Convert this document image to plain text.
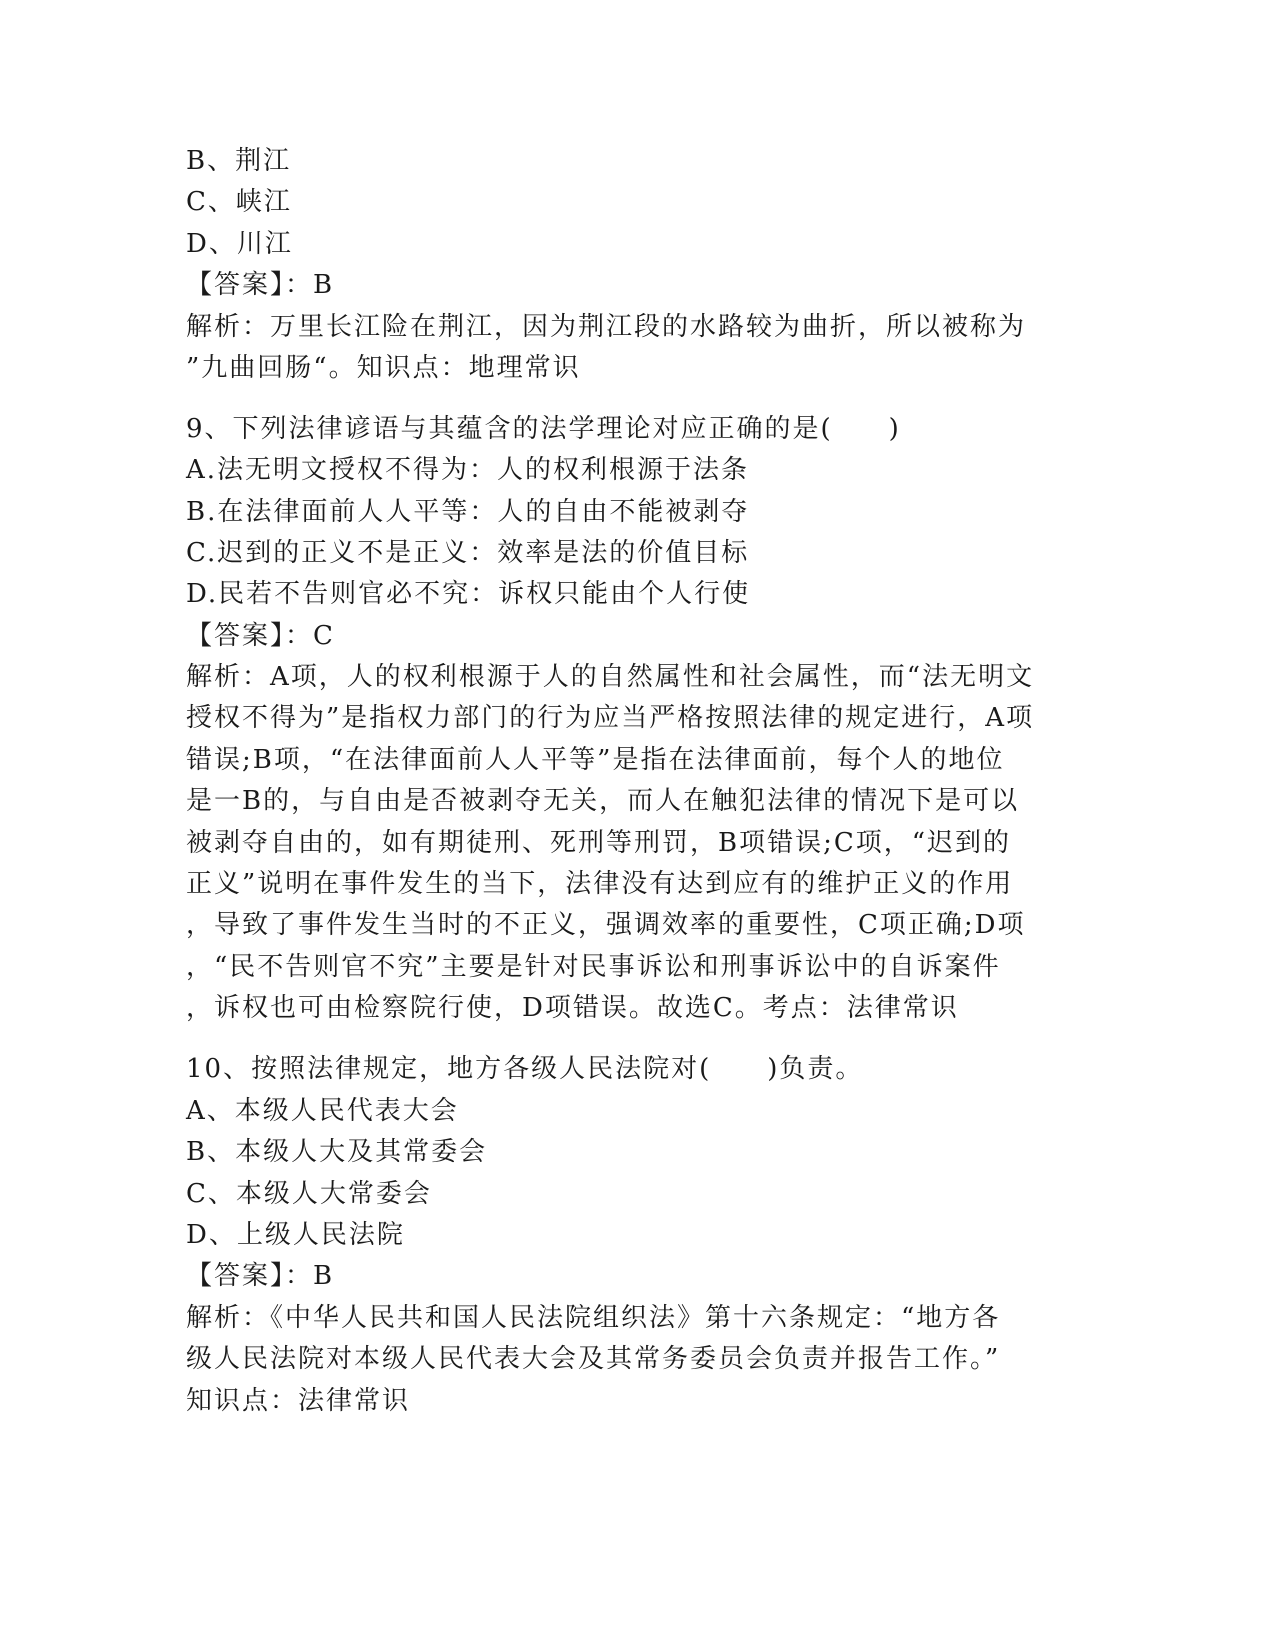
B、荆江
C、峡江
D、川江
【答案】：B
解析：万里长江险在荆江，因为荆江段的水路较为曲折，所以被称为
”九曲回肠“。知识点：地理常识
9、下列法律谚语与其蕴含的法学理论对应正确的是(　　)
A.法无明文授权不得为：人的权利根源于法条
B.在法律面前人人平等：人的自由不能被剥夺
C.迟到的正义不是正义：效率是法的价值目标
D.民若不告则官必不究：诉权只能由个人行使
【答案】：C
解析：A项，人的权利根源于人的自然属性和社会属性，而“法无明文
授权不得为”是指权力部门的行为应当严格按照法律的规定进行，A项
错误;B项，“在法律面前人人平等”是指在法律面前，每个人的地位
是一B的，与自由是否被剥夺无关，而人在触犯法律的情况下是可以
被剥夺自由的，如有期徒刑、死刑等刑罚，B项错误;C项，“迟到的
正义”说明在事件发生的当下，法律没有达到应有的维护正义的作用
，导致了事件发生当时的不正义，强调效率的重要性，C项正确;D项
，“民不告则官不究”主要是针对民事诉讼和刑事诉讼中的自诉案件
，诉权也可由检察院行使，D项错误。故选C。考点：法律常识
10、按照法律规定，地方各级人民法院对(　　)负责。
A、本级人民代表大会
B、本级人大及其常委会
C、本级人大常委会
D、上级人民法院
【答案】：B
解析：《中华人民共和国人民法院组织法》第十六条规定：“地方各
级人民法院对本级人民代表大会及其常务委员会负责并报告工作。”
知识点：法律常识
